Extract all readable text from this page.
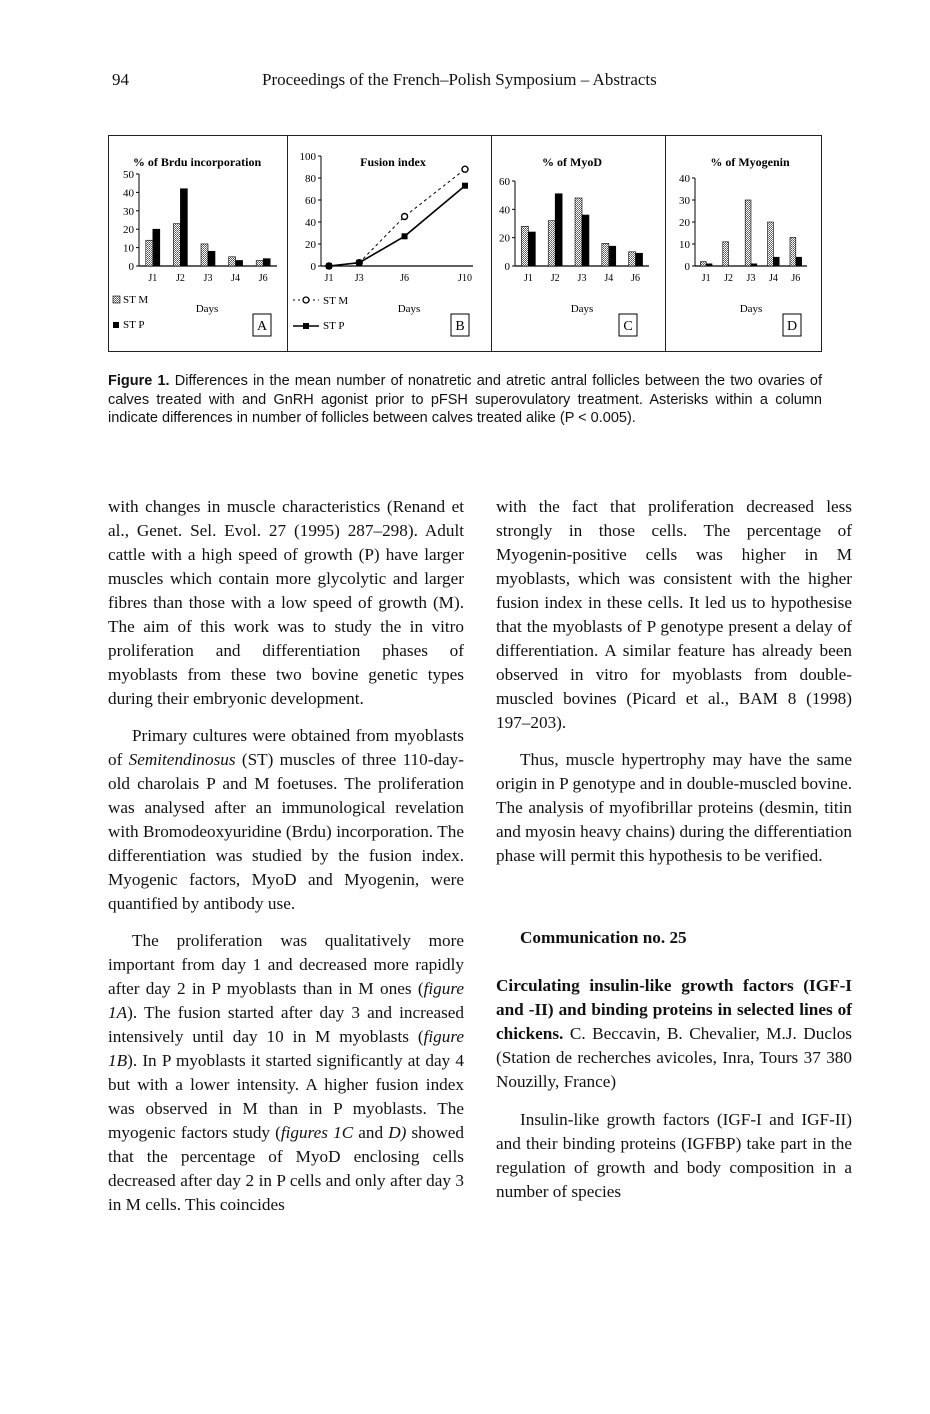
94	Proceedings of the French–Polish Symposium – Abstracts
% of Brdu incorporation
0
10
20
30
40
50
J1 J2 J3 J4 J6
Days
A
Fusion index
0
20
40
60
80
100
J1 J3	J6	J10
Days
B
% of MyoD
0
20
40
60
J1 J2 J3 J4 J6
Days
C
% of Myogenin
0
10
20
30
40
J1 J2 J3 J4 J6
Days
D
ST M
ST P
ST M
ST P
Figure 1. Differences in the mean number of nonatretic and atretic antral follicles between the two ovaries of calves treated with and GnRH agonist prior to pFSH superovulatory treatment. Asterisks within a column indicate differences in number of follicles between calves treated alike (P < 0.005).

with changes in muscle characteristics (Renand et al., Genet. Sel. Evol. 27 (1995) 287–298). Adult cattle with a high speed of growth (P) have larger muscles which contain more glycolytic and larger fibres than those with a low speed of growth (M). The aim of this work was to study the in vitro proliferation and differentiation phases of myoblasts from these two bovine genetic types during their embryonic development.

Primary cultures were obtained from myoblasts of Semitendinosus (ST) muscles of three 110-day-old charolais P and M foetuses. The proliferation was analysed after an immunological revelation with Bromodeoxyuridine (Brdu) incorporation. The differentiation was studied by the fusion index. Myogenic factors, MyoD and Myogenin, were quantified by antibody use.

The proliferation was qualitatively more important from day 1 and decreased more rapidly after day 2 in P myoblasts than in M ones (figure 1A). The fusion started after day 3 and increased intensively until day 10 in M myoblasts (figure 1B). In P myoblasts it started significantly at day 4 but with a lower intensity. A higher fusion index was observed in M than in P myoblasts. The myogenic factors study (figures 1C and D) showed that the percentage of MyoD enclosing cells decreased after day 2 in P cells and only after day 3 in M cells. This coincides

with the fact that proliferation decreased less strongly in those cells. The percentage of Myogenin-positive cells was higher in M myoblasts, which was consistent with the higher fusion index in these cells. It led us to hypothesise that the myoblasts of P genotype present a delay of differentiation. A similar feature has already been observed in vitro for myoblasts from double-muscled bovines (Picard et al., BAM 8 (1998) 197–203).

Thus, muscle hypertrophy may have the same origin in P genotype and in double-muscled bovine. The analysis of myofibrillar proteins (desmin, titin and myosin heavy chains) during the differentiation phase will permit this hypothesis to be verified.

Communication no. 25

Circulating insulin-like growth factors (IGF-I and -II) and binding proteins in selected lines of chickens. C. Beccavin, B. Chevalier, M.J. Duclos (Station de recherches avicoles, Inra, Tours 37 380 Nouzilly, France)

Insulin-like growth factors (IGF-I and IGF-II) and their binding proteins (IGFBP) take part in the regulation of growth and body composition in a number of species
